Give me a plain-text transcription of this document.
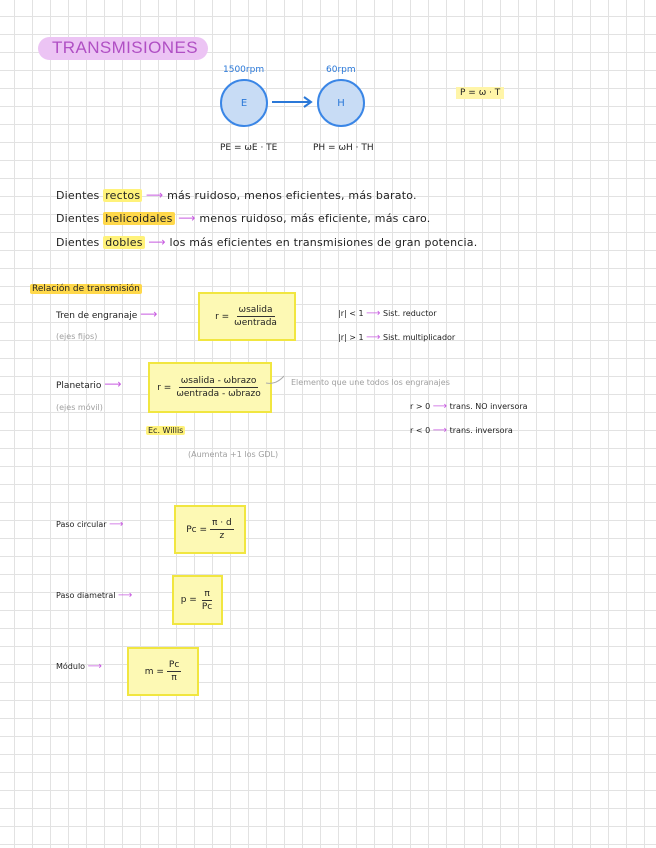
TRANSMISIONES
1500rpm	60rpm
E	H
PE = ωE · TE	PH = ωH · TH
P = ω · T
Dientes rectos ⟶ más ruidoso, menos eficientes, más barato.
Dientes helicoidales ⟶ menos ruidoso, más eficiente, más caro.
Dientes dobles ⟶ los más eficientes en transmisiones de gran potencia.
Relación de transmisión
Tren de engranaje ⟶
(ejes fijos)
$r = \frac{\text{ωsalida}}{\text{ωentrada}}$	|r| < 1 ⟶ Sist. reductor
|r| > 1 ⟶ Sist. multiplicador
Planetario ⟶
(ejes móvil)
$r = \frac{\text{ωsalida - ωbrazo}}{\text{ωentrada - ωbrazo}}$	Elemento que une todos los engranajes
r > 0 ⟶ trans. NO inversora
r < 0 ⟶ trans. inversora
Ec. Willis
(Aumenta +1 los GDL)
Paso circular ⟶	$Pc = \frac{\pi \cdot d}{z}$
Paso diametral ⟶	$p = \frac{\pi}{Pc}$
Módulo ⟶	$m = \frac{Pc}{\pi}$
